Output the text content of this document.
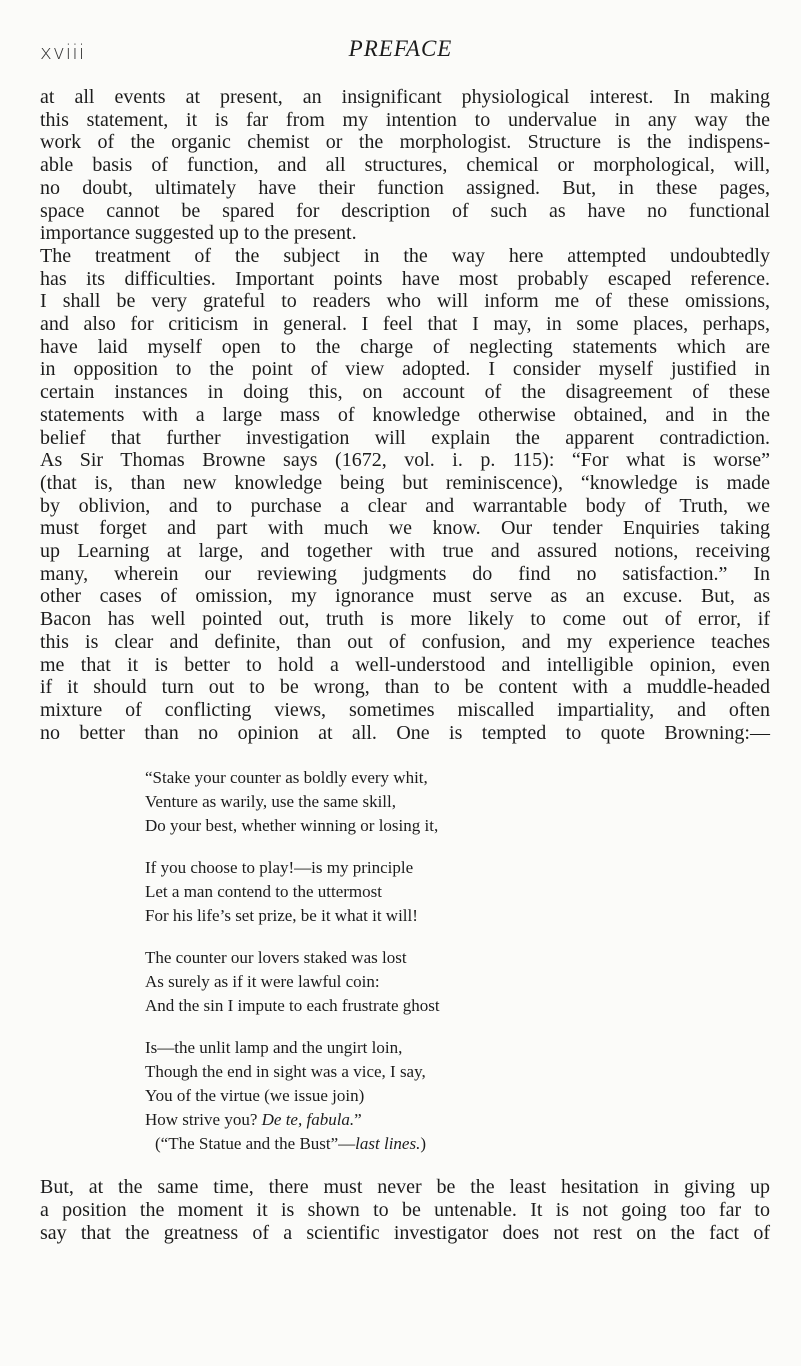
xviii	PREFACE
at all events at present, an insignificant physiological interest. In making
this statement, it is far from my intention to undervalue in any way the
work of the organic chemist or the morphologist. Structure is the indispens-
able basis of function, and all structures, chemical or morphological, will,
no doubt, ultimately have their function assigned. But, in these pages,
space cannot be spared for description of such as have no functional
importance suggested up to the present.
The treatment of the subject in the way here attempted undoubtedly
has its difficulties. Important points have most probably escaped reference.
I shall be very grateful to readers who will inform me of these omissions,
and also for criticism in general. I feel that I may, in some places, perhaps,
have laid myself open to the charge of neglecting statements which are
in opposition to the point of view adopted. I consider myself justified in
certain instances in doing this, on account of the disagreement of these
statements with a large mass of knowledge otherwise obtained, and in the
belief that further investigation will explain the apparent contradiction.
As Sir Thomas Browne says (1672, vol. i. p. 115): “For what is worse”
(that is, than new knowledge being but reminiscence), “knowledge is made
by oblivion, and to purchase a clear and warrantable body of Truth, we
must forget and part with much we know. Our tender Enquiries taking
up Learning at large, and together with true and assured notions, receiving
many, wherein our reviewing judgments do find no satisfaction.” In
other cases of omission, my ignorance must serve as an excuse. But, as
Bacon has well pointed out, truth is more likely to come out of error, if
this is clear and definite, than out of confusion, and my experience teaches
me that it is better to hold a well-understood and intelligible opinion, even
if it should turn out to be wrong, than to be content with a muddle-headed
mixture of conflicting views, sometimes miscalled impartiality, and often
no better than no opinion at all. One is tempted to quote Browning:—
“Stake your counter as boldly every whit,
Venture as warily, use the same skill,
Do your best, whether winning or losing it,
If you choose to play!—is my principle
Let a man contend to the uttermost
For his life’s set prize, be it what it will!
The counter our lovers staked was lost
As surely as if it were lawful coin:
And the sin I impute to each frustrate ghost
Is—the unlit lamp and the ungirt loin,
Though the end in sight was a vice, I say,
You of the virtue (we issue join)
How strive you? De te, fabula.”
(“The Statue and the Bust”—last lines.)
But, at the same time, there must never be the least hesitation in giving up
a position the moment it is shown to be untenable. It is not going too far to
say that the greatness of a scientific investigator does not rest on the fact of
